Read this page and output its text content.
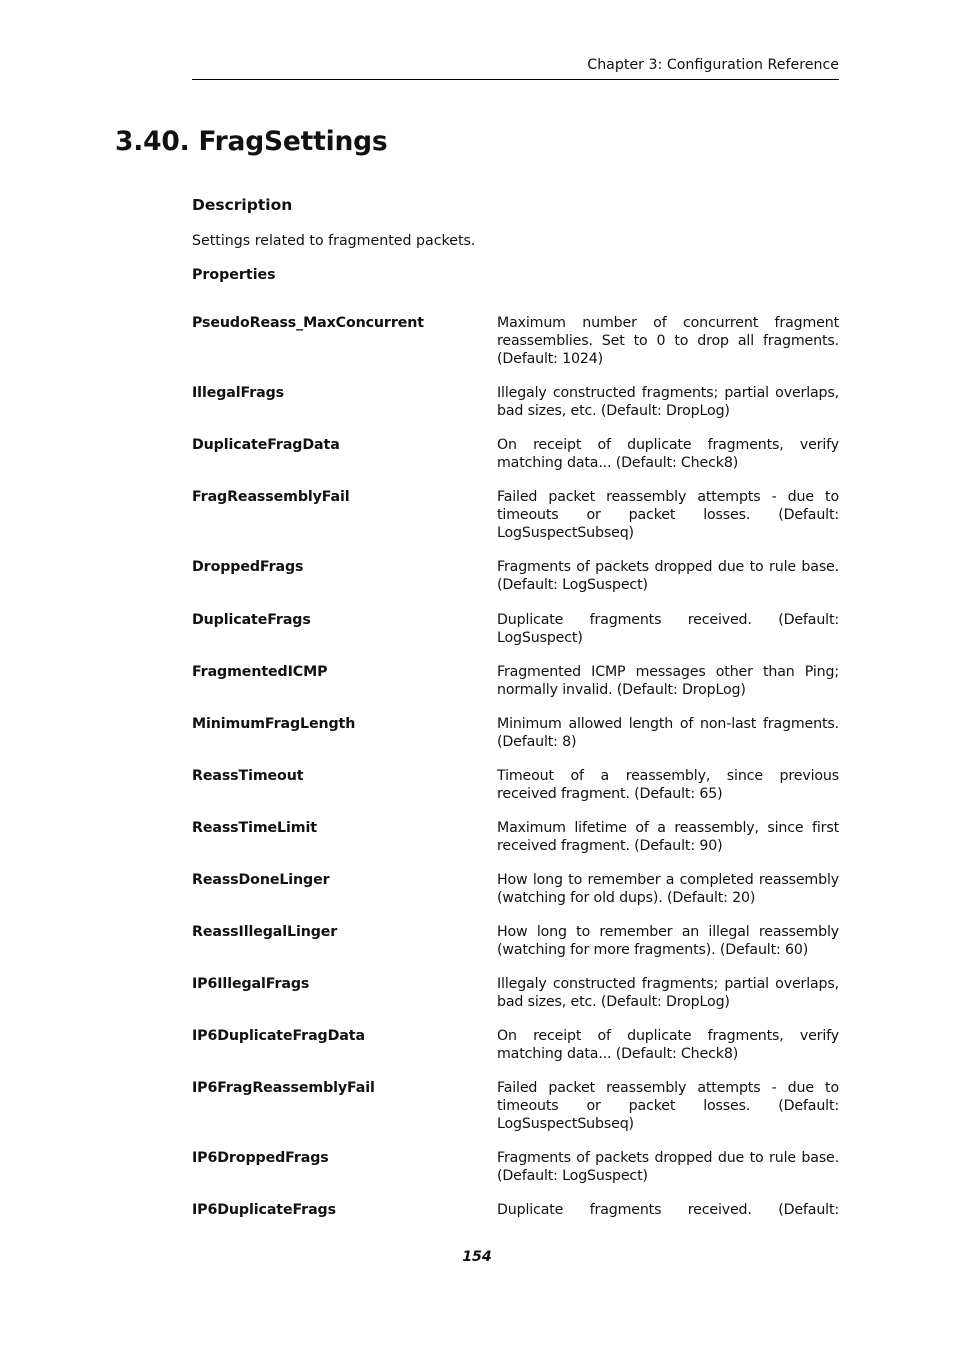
Chapter 3: Configuration Reference
3.40. FragSettings
Description

Settings related to fragmented packets.

Properties
PseudoReass_MaxConcurrent	Maximum number of concurrent fragment reassemblies. Set to 0 to drop all fragments. (Default: 1024)
IllegalFrags	Illegaly constructed fragments; partial overlaps, bad sizes, etc. (Default: DropLog)
DuplicateFragData	On receipt of duplicate fragments, verify matching data... (Default: Check8)
FragReassemblyFail	Failed packet reassembly attempts - due to timeouts or packet losses. (Default: LogSuspectSubseq)
DroppedFrags	Fragments of packets dropped due to rule base. (Default: LogSuspect)
DuplicateFrags	Duplicate fragments received. (Default: LogSuspect)
FragmentedICMP	Fragmented ICMP messages other than Ping; normally invalid. (Default: DropLog)
MinimumFragLength	Minimum allowed length of non-last fragments. (Default: 8)
ReassTimeout	Timeout of a reassembly, since previous received fragment. (Default: 65)
ReassTimeLimit	Maximum lifetime of a reassembly, since first received fragment. (Default: 90)
ReassDoneLinger	How long to remember a completed reassembly (watching for old dups). (Default: 20)
ReassIllegalLinger	How long to remember an illegal reassembly (watching for more fragments). (Default: 60)
IP6IllegalFrags	Illegaly constructed fragments; partial overlaps, bad sizes, etc. (Default: DropLog)
IP6DuplicateFragData	On receipt of duplicate fragments, verify matching data... (Default: Check8)
IP6FragReassemblyFail	Failed packet reassembly attempts - due to timeouts or packet losses. (Default: LogSuspectSubseq)
IP6DroppedFrags	Fragments of packets dropped due to rule base. (Default: LogSuspect)
IP6DuplicateFrags	Duplicate fragments received. (Default:
154
